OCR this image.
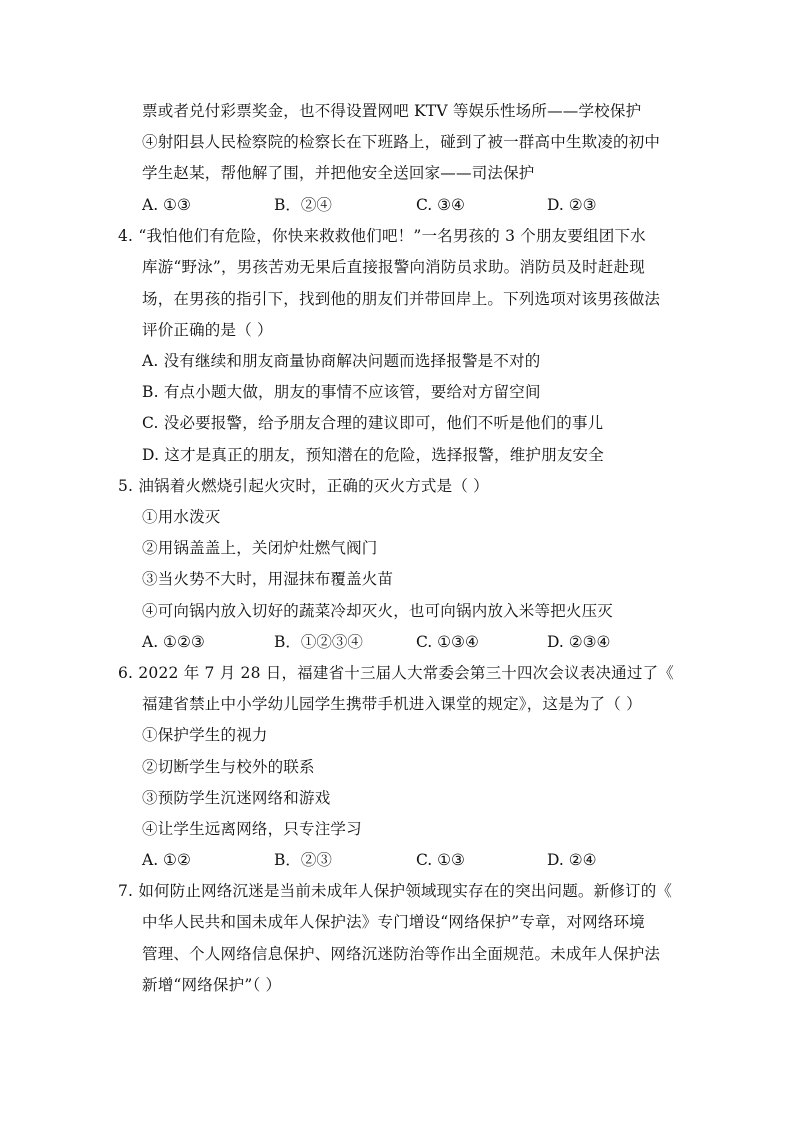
票或者兑付彩票奖金，也不得设置网吧 KTV 等娱乐性场所——学校保护
④射阳县人民检察院的检察长在下班路上，碰到了被一群高中生欺凌的初中
学生赵某，帮他解了围，并把他安全送回家——司法保护
A. ①③	B．②④	C. ③④	D. ②③
4. “我怕他们有危险，你快来救救他们吧！”一名男孩的 3 个朋友要组团下水
库游“野泳”，男孩苦劝无果后直接报警向消防员求助。消防员及时赶赴现
场，在男孩的指引下，找到他的朋友们并带回岸上。下列选项对该男孩做法
评价正确的是（ ）
A. 没有继续和朋友商量协商解决问题而选择报警是不对的
B. 有点小题大做，朋友的事情不应该管，要给对方留空间
C. 没必要报警，给予朋友合理的建议即可，他们不听是他们的事儿
D. 这才是真正的朋友，预知潜在的危险，选择报警，维护朋友安全
5. 油锅着火燃烧引起火灾时，正确的灭火方式是（ ）
①用水泼灭
②用锅盖盖上，关闭炉灶燃气阀门
③当火势不大时，用湿抹布覆盖火苗
④可向锅内放入切好的蔬菜冷却灭火，也可向锅内放入米等把火压灭
A. ①②③	B．①②③④	C. ①③④	D. ②③④
6. 2022 年 7 月 28 日，福建省十三届人大常委会第三十四次会议表决通过了《
福建省禁止中小学幼儿园学生携带手机进入课堂的规定》，这是为了（ ）
①保护学生的视力
②切断学生与校外的联系
③预防学生沉迷网络和游戏
④让学生远离网络，只专注学习
A. ①②	B．②③	C. ①③	D. ②④
7. 如何防止网络沉迷是当前未成年人保护领域现实存在的突出问题。新修订的《
中华人民共和国未成年人保护法》专门增设“网络保护”专章，对网络环境
管理、个人网络信息保护、网络沉迷防治等作出全面规范。未成年人保护法
新增“网络保护”（ ）
